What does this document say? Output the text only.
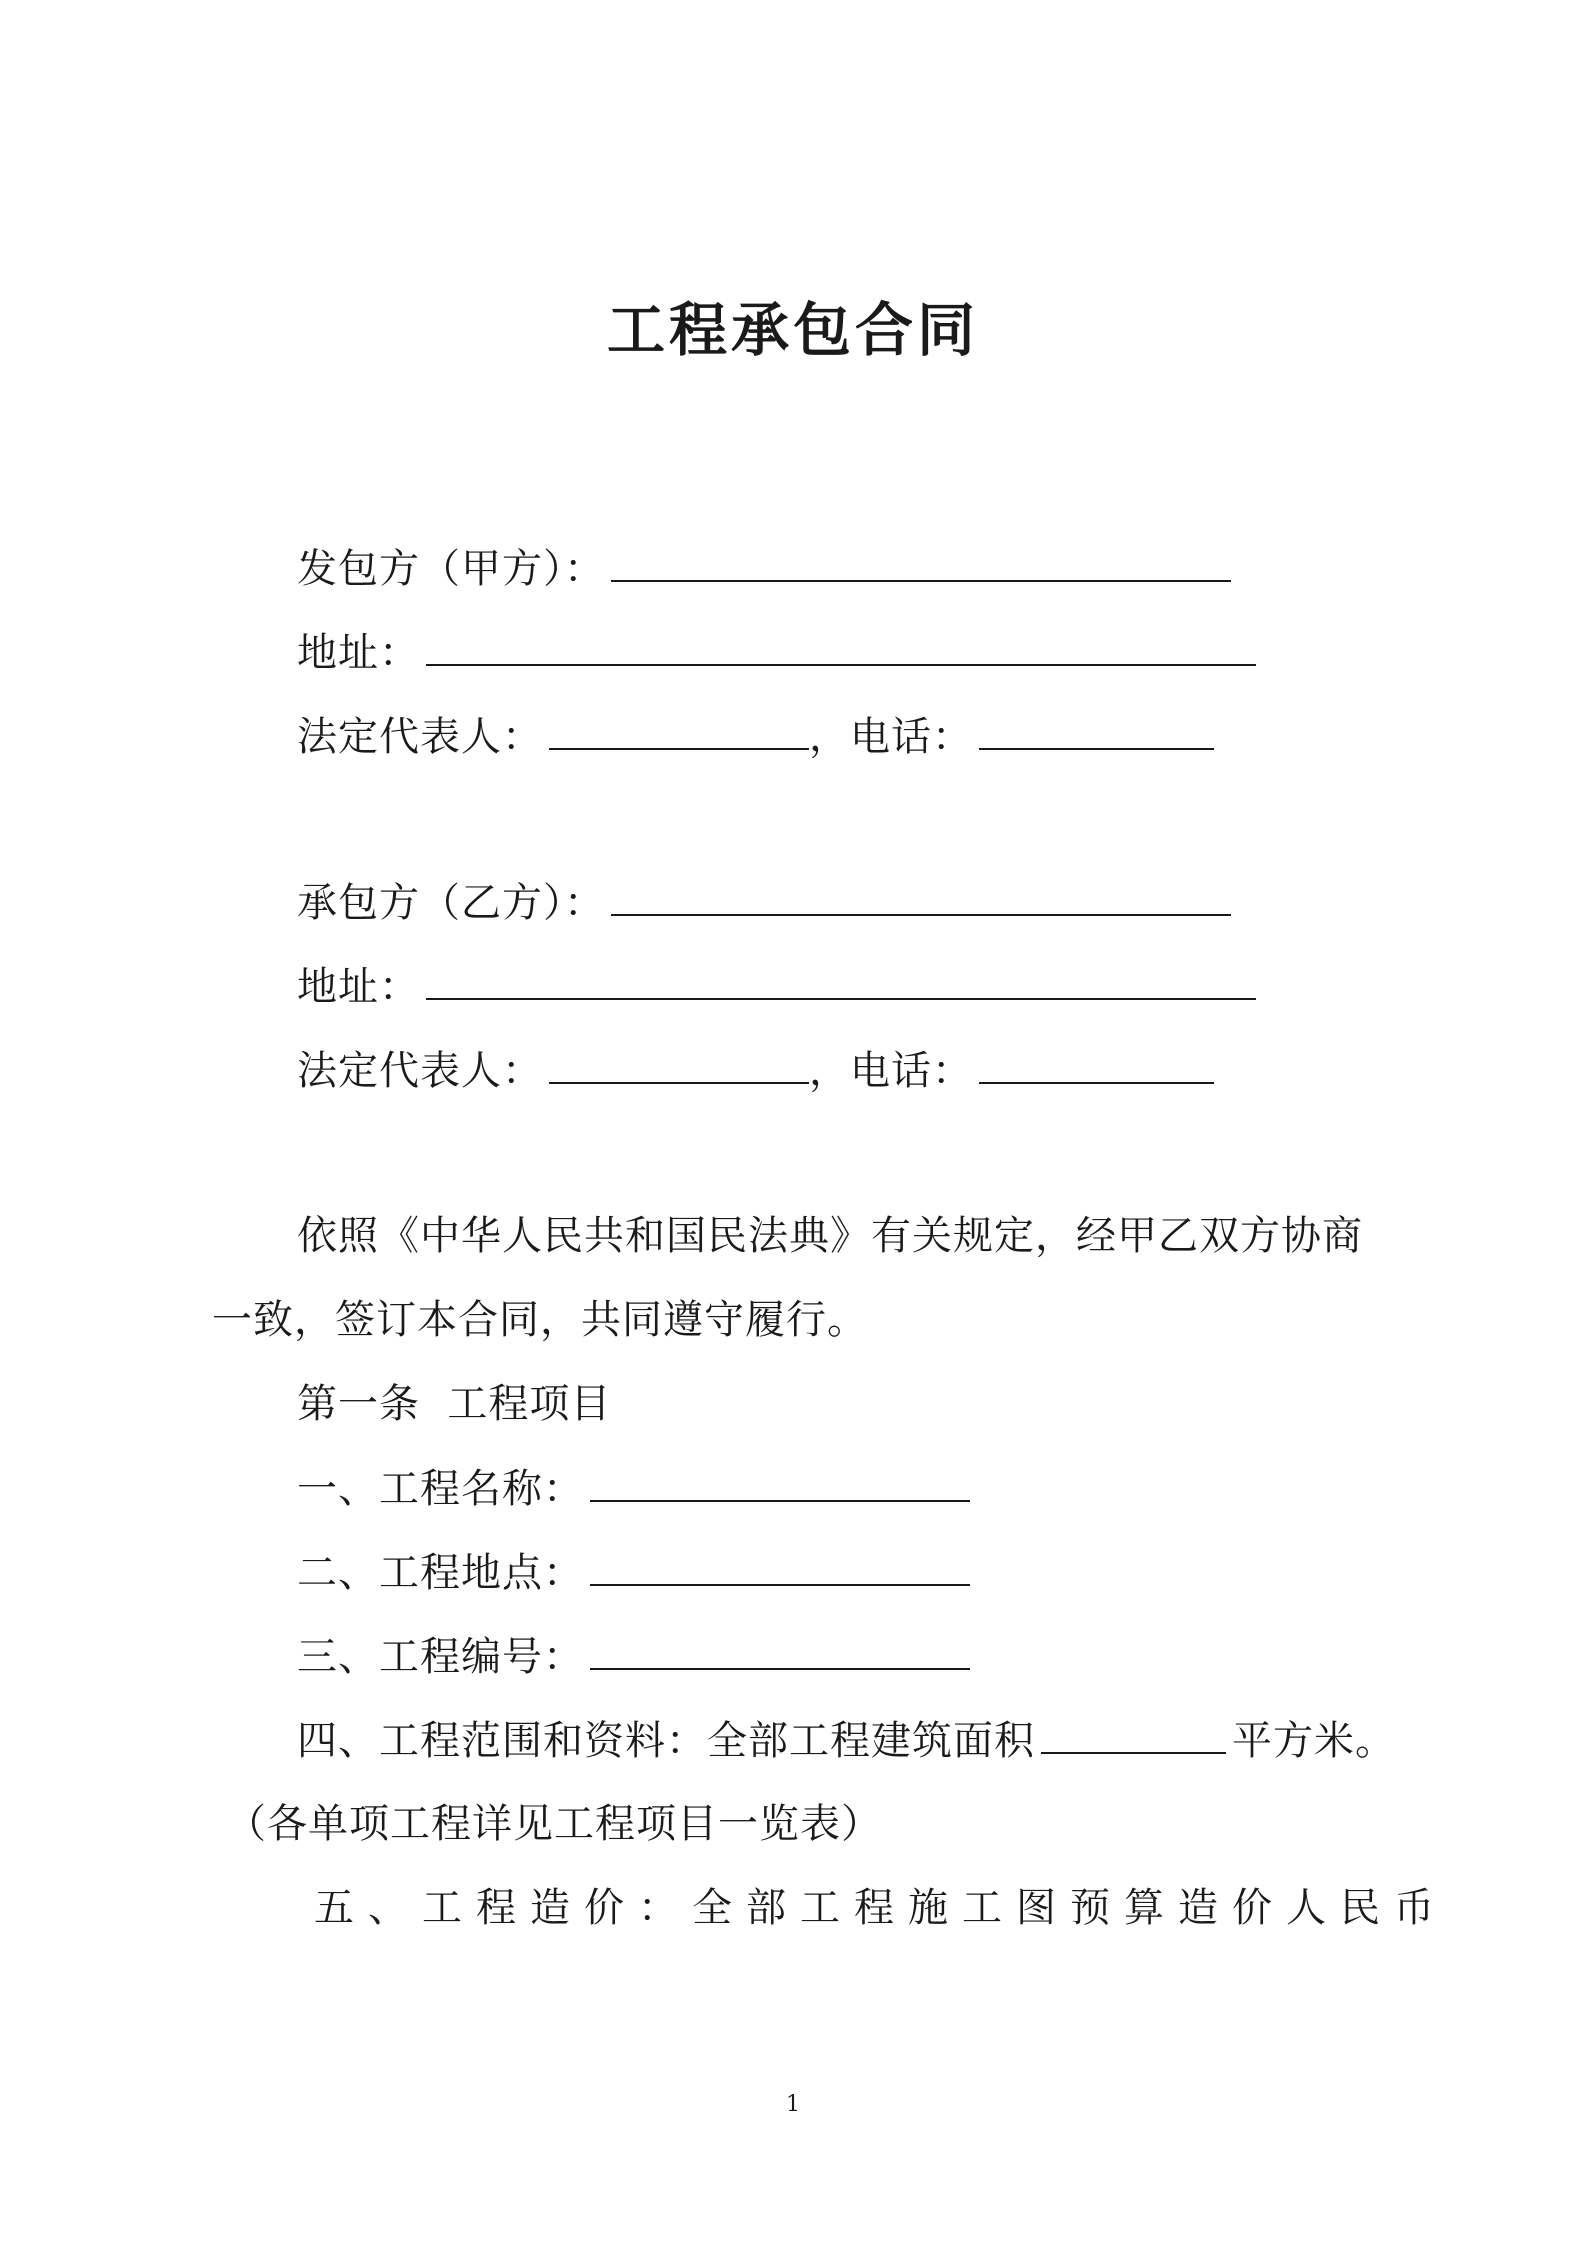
工程承包合同
发包方（甲方）：
地址：
法定代表人：	，电话：
承包方（乙方）：
地址：
法定代表人：	，电话：
依照《中华人民共和国民法典》有关规定，经甲乙双方协商
一致，签订本合同，共同遵守履行。
第一条  工程项目
一、工程名称：
二、工程地点：
三、工程编号：
四、工程范围和资料：全部工程建筑面积	平方米。
（各单项工程详见工程项目一览表）
五、工程造价：全部工程施工图预算造价人民币
1
